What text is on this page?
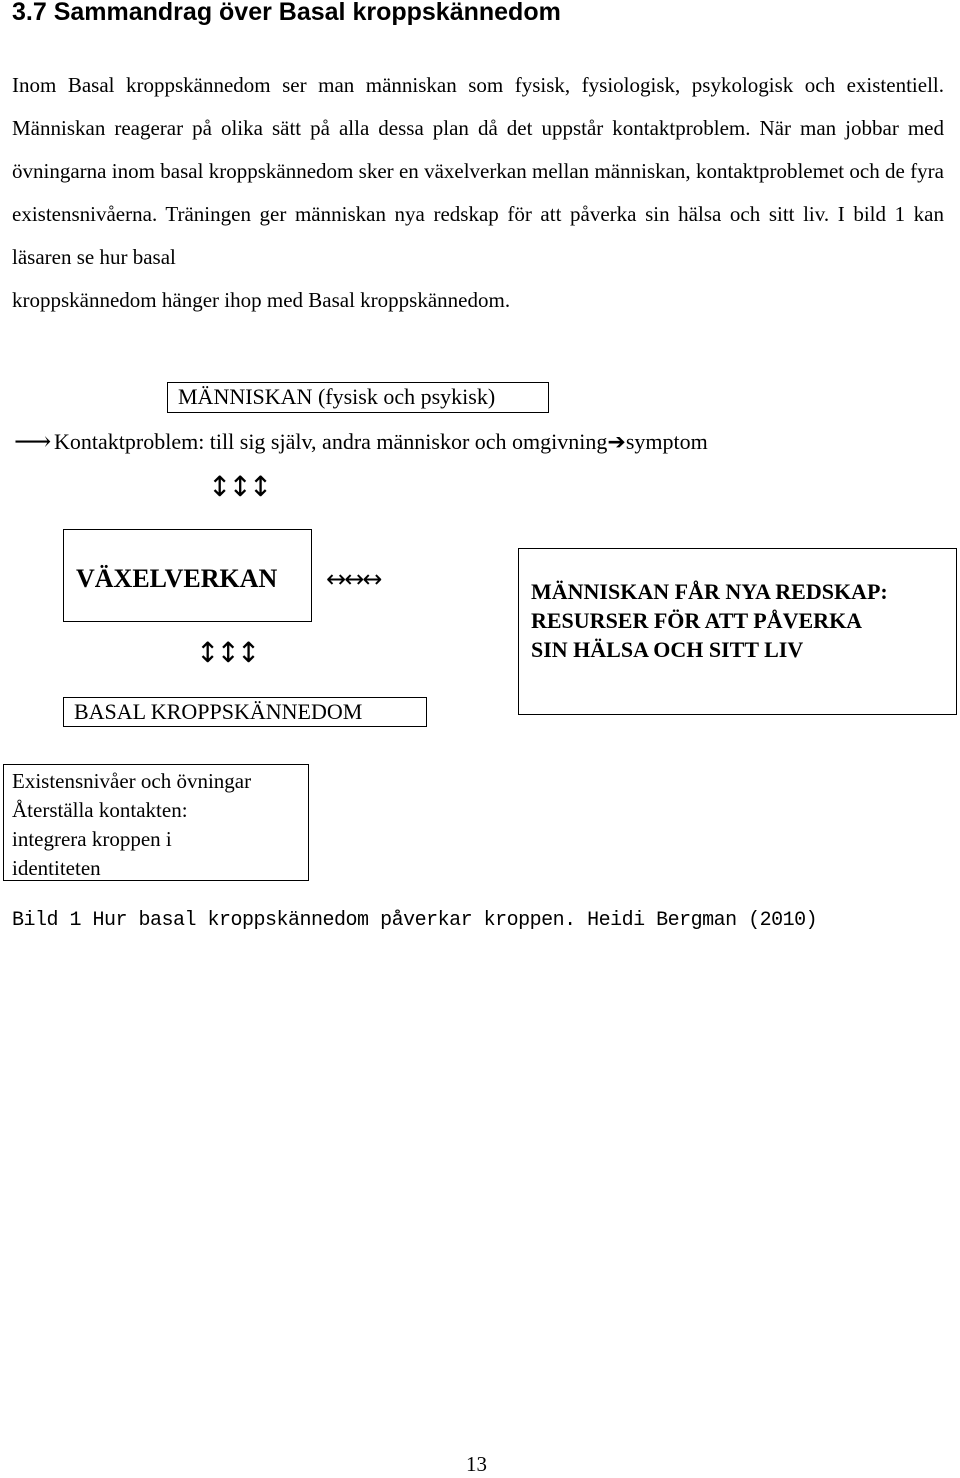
3.7 Sammandrag över Basal kroppskännedom

Inom Basal kroppskännedom ser man människan som fysisk, fysiologisk, psykologisk och existentiell. Människan reagerar på olika sätt på alla dessa plan då det uppstår kontaktproblem. När man jobbar med övningarna inom basal kroppskännedom sker en växelverkan mellan människan, kontaktproblemet och de fyra existensnivåerna. Träningen ger människan nya redskap för att påverka sin hälsa och sitt liv. I bild 1 kan läsaren se hur basal
kroppskännedom hänger ihop med Basal kroppskännedom.

MÄNNISKAN (fysisk och psykisk)
⟶ Kontaktproblem: till sig själv, andra människor och omgivning➔symptom
↕↕↕
VÄXELVERKAN ↔↔↔	MÄNNISKAN FÅR NYA REDSKAP:
RESURSER FÖR ATT PÅVERKA
SIN HÄLSA OCH SITT LIV
↕↕↕
BASAL KROPPSKÄNNEDOM
Existensnivåer och övningar
Återställa kontakten:
integrera kroppen i
identiteten
Bild 1 Hur basal kroppskännedom påverkar kroppen. Heidi Bergman (2010)
13
